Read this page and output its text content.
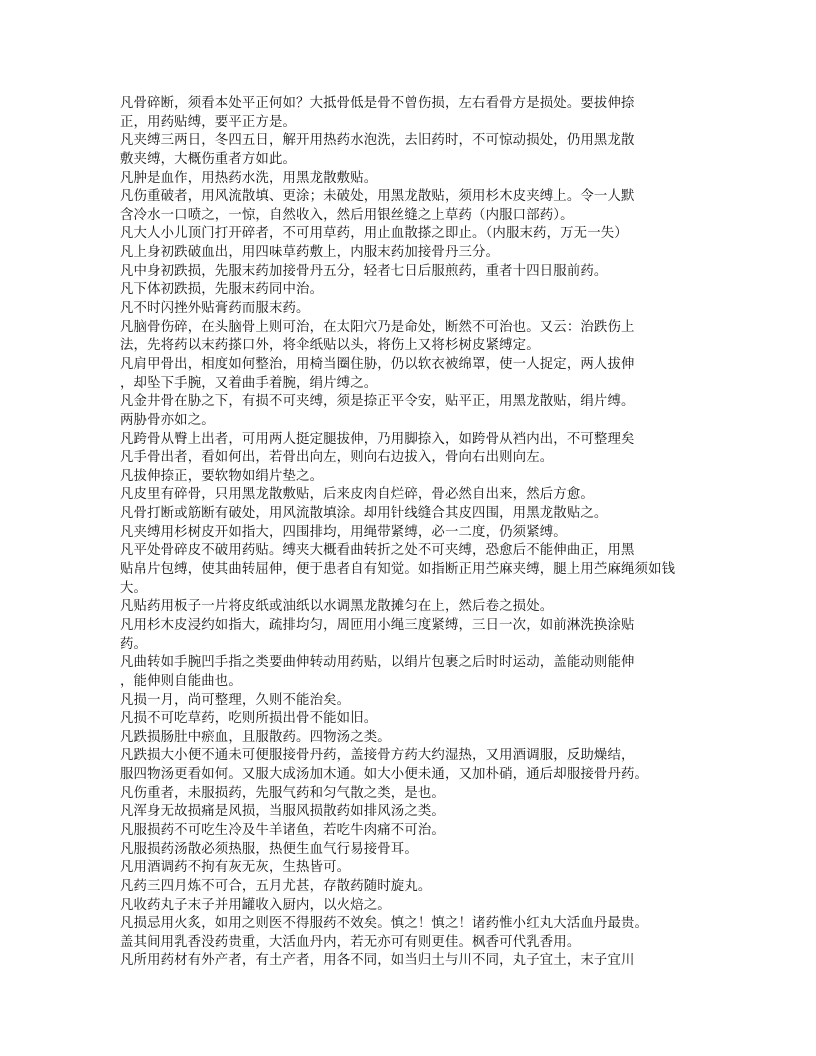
凡骨碎断，须看本处平正何如？大抵骨低是骨不曾伤损，左右看骨方是损处。要拔伸捺
正，用药贴缚，要平正方是。
凡夹缚三两日，冬四五日，解开用热药水泡洗，去旧药时，不可惊动损处，仍用黑龙散
敷夹缚，大概伤重者方如此。
凡肿是血作，用热药水洗，用黑龙散敷贴。
凡伤重破者，用风流散填、更涂；未破处，用黑龙散贴，须用杉木皮夹缚上。令一人默
含冷水一口喷之，一惊，自然收入，然后用银丝缝之上草药（内服口部药）。
凡大人小儿顶门打开碎者，不可用草药，用止血散搽之即止。（内服末药，万无一失）
凡上身初跌破血出，用四味草药敷上，内服末药加接骨丹三分。
凡中身初跌损，先服末药加接骨丹五分，轻者七日后服煎药，重者十四日服前药。
凡下体初跌损，先服末药同中治。
凡不时闪挫外贴膏药而服末药。
凡脑骨伤碎，在头脑骨上则可治，在太阳穴乃是命处，断然不可治也。又云：治跌伤上
法，先将药以末药搽口外，将伞纸贴以头，将伤上又将杉树皮紧缚定。
凡肩甲骨出，相度如何整治，用椅当圈住胁，仍以软衣被绵罩，使一人捉定，两人拔伸
，却坠下手腕，又着曲手着腕，绢片缚之。
凡金井骨在胁之下，有损不可夹缚，须是捺正平令安，贴平正，用黑龙散贴，绢片缚。
两胁骨亦如之。
凡跨骨从臀上出者，可用两人挺定腿拔伸，乃用脚捺入，如跨骨从裆内出，不可整理矣
凡手骨出者，看如何出，若骨出向左，则向右边拔入，骨向右出则向左。
凡拔伸捺正，要软物如绢片垫之。
凡皮里有碎骨，只用黑龙散敷贴，后来皮肉自烂碎，骨必然自出来，然后方愈。
凡骨打断或筋断有破处，用风流散填涂。却用针线缝合其皮四围，用黑龙散贴之。
凡夹缚用杉树皮开如指大，四围排均，用绳带紧缚，必一二度，仍须紧缚。
凡平处骨碎皮不破用药贴。缚夹大概看曲转折之处不可夹缚，恐愈后不能伸曲正，用黑
贴帛片包缚，使其曲转屈伸，便于患者自有知觉。如指断正用苎麻夹缚，腿上用苎麻绳须如钱
大。
凡贴药用板子一片将皮纸或油纸以水调黑龙散摊匀在上，然后卷之损处。
凡用杉木皮浸约如指大，疏排均匀，周匝用小绳三度紧缚，三日一次，如前淋洗换涂贴
药。
凡曲转如手腕凹手指之类要曲伸转动用药贴，以绢片包裹之后时时运动，盖能动则能伸
，能伸则自能曲也。
凡损一月，尚可整理，久则不能治矣。
凡损不可吃草药，吃则所损出骨不能如旧。
凡跌损肠肚中瘀血，且服散药。四物汤之类。
凡跌损大小便不通未可便服接骨丹药，盖接骨方药大约湿热，又用酒调服，反助燥结，
服四物汤更看如何。又服大成汤加木通。如大小便未通，又加朴硝，通后却服接骨丹药。
凡伤重者，未服损药，先服气药和匀气散之类，是也。
凡浑身无故损痛是风损，当服风损散药如排风汤之类。
凡服损药不可吃生冷及牛羊诸鱼，若吃牛肉痛不可治。
凡服损药汤散必须热服，热便生血气行易接骨耳。
凡用酒调药不拘有灰无灰，生热皆可。
凡药三四月炼不可合，五月尤甚，存散药随时旋丸。
凡收药丸子末子并用罐收入厨内，以火焙之。
凡损忌用火炙，如用之则医不得服药不效矣。慎之！慎之！诸药惟小红丸大活血丹最贵。
盖其间用乳香没药贵重，大活血丹内，若无亦可有则更佳。枫香可代乳香用。
凡所用药材有外产者，有土产者，用各不同，如当归土与川不同，丸子宜土，末子宜川
